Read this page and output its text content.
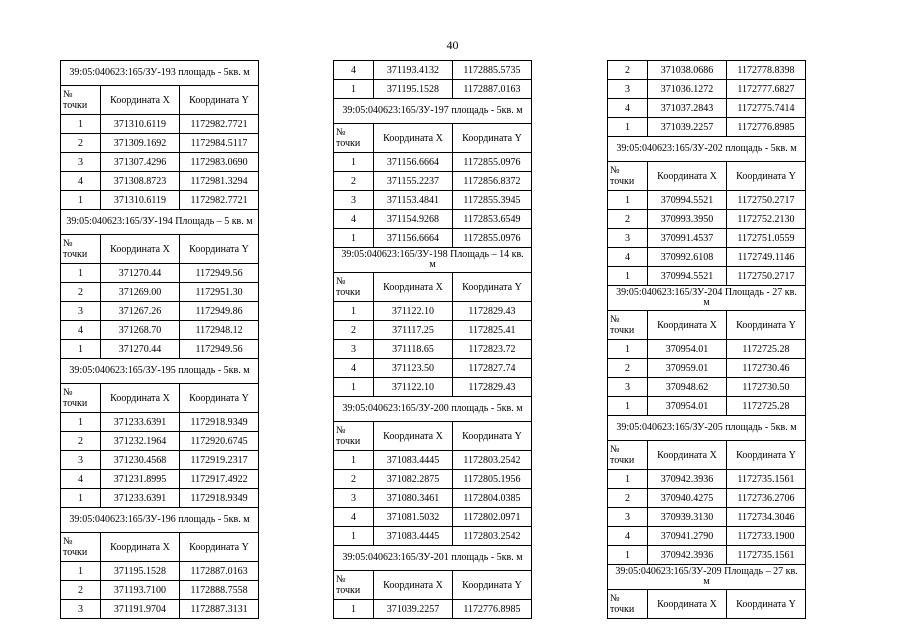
40
39:05:040623:165/ЗУ-193 площадь - 5кв. м		
№ точки	Координата X	Координата Y
1	371310.6119	1172982.7721
2	371309.1692	1172984.5117
3	371307.4296	1172983.0690
4	371308.8723	1172981.3294
1	371310.6119	1172982.7721
39:05:040623:165/ЗУ-194 Площадь – 5 кв. м		
№ точки	Координата X	Координата Y
1	371270.44	1172949.56
2	371269.00	1172951.30
3	371267.26	1172949.86
4	371268.70	1172948.12
1	371270.44	1172949.56
39:05:040623:165/ЗУ-195 площадь - 5кв. м		
№ точки	Координата X	Координата Y
1	371233.6391	1172918.9349
2	371232.1964	1172920.6745
3	371230.4568	1172919.2317
4	371231.8995	1172917.4922
1	371233.6391	1172918.9349
39:05:040623:165/ЗУ-196 площадь - 5кв. м		
№ точки	Координата X	Координата Y
1	371195.1528	1172887.0163
2	371193.7100	1172888.7558
3	371191.9704	1172887.3131
4	371193.4132	1172885.5735
1	371195.1528	1172887.0163
39:05:040623:165/ЗУ-197 площадь - 5кв. м		
№ точки	Координата X	Координата Y
1	371156.6664	1172855.0976
2	371155.2237	1172856.8372
3	371153.4841	1172855.3945
4	371154.9268	1172853.6549
1	371156.6664	1172855.0976
39:05:040623:165/ЗУ-198 Площадь – 14 кв. м		
№ точки	Координата X	Координата Y
1	371122.10	1172829.43
2	371117.25	1172825.41
3	371118.65	1172823.72
4	371123.50	1172827.74
1	371122.10	1172829.43
39:05:040623:165/ЗУ-200 площадь - 5кв. м		
№ точки	Координата X	Координата Y
1	371083.4445	1172803.2542
2	371082.2875	1172805.1956
3	371080.3461	1172804.0385
4	371081.5032	1172802.0971
1	371083.4445	1172803.2542
39:05:040623:165/ЗУ-201 площадь - 5кв. м		
№ точки	Координата X	Координата Y
1	371039.2257	1172776.8985
2	371038.0686	1172778.8398
3	371036.1272	1172777.6827
4	371037.2843	1172775.7414
1	371039.2257	1172776.8985
39:05:040623:165/ЗУ-202 площадь - 5кв. м		
№ точки	Координата X	Координата Y
1	370994.5521	1172750.2717
2	370993.3950	1172752.2130
3	370991.4537	1172751.0559
4	370992.6108	1172749.1146
1	370994.5521	1172750.2717
39:05:040623:165/ЗУ-204 Площадь - 27 кв. м		
№ точки	Координата X	Координата Y
1	370954.01	1172725.28
2	370959.01	1172730.46
3	370948.62	1172730.50
1	370954.01	1172725.28
39:05:040623:165/ЗУ-205 площадь - 5кв. м		
№ точки	Координата X	Координата Y
1	370942.3936	1172735.1561
2	370940.4275	1172736.2706
3	370939.3130	1172734.3046
4	370941.2790	1172733.1900
1	370942.3936	1172735.1561
39:05:040623:165/ЗУ-209 Площадь – 27 кв. м		
№ точки	Координата X	Координата Y
